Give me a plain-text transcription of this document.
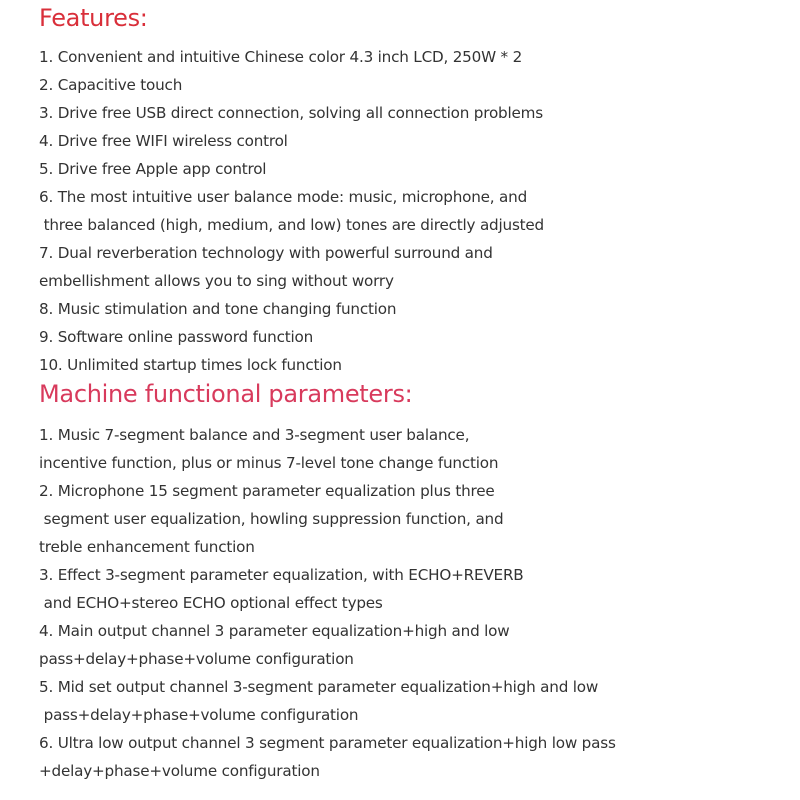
Features:

1. Convenient and intuitive Chinese color 4.3 inch LCD, 250W * 2

2. Capacitive touch

3. Drive free USB direct connection, solving all connection problems

4. Drive free WIFI wireless control

5. Drive free Apple app control

6. The most intuitive user balance mode: music, microphone, and

three balanced (high, medium, and low) tones are directly adjusted

7. Dual reverberation technology with powerful surround and

embellishment allows you to sing without worry

8. Music stimulation and tone changing function

9. Software online password function

10. Unlimited startup times lock function

Machine functional parameters:

1. Music 7-segment balance and 3-segment user balance,

incentive function, plus or minus 7-level tone change function

2. Microphone 15 segment parameter equalization plus three

segment user equalization, howling suppression function, and

treble enhancement function

3. Effect 3-segment parameter equalization, with ECHO+REVERB

and ECHO+stereo ECHO optional effect types

4. Main output channel 3 parameter equalization+high and low

pass+delay+phase+volume configuration

5. Mid set output channel 3-segment parameter equalization+high and low

pass+delay+phase+volume configuration

6. Ultra low output channel 3 segment parameter equalization+high low pass

+delay+phase+volume configuration
